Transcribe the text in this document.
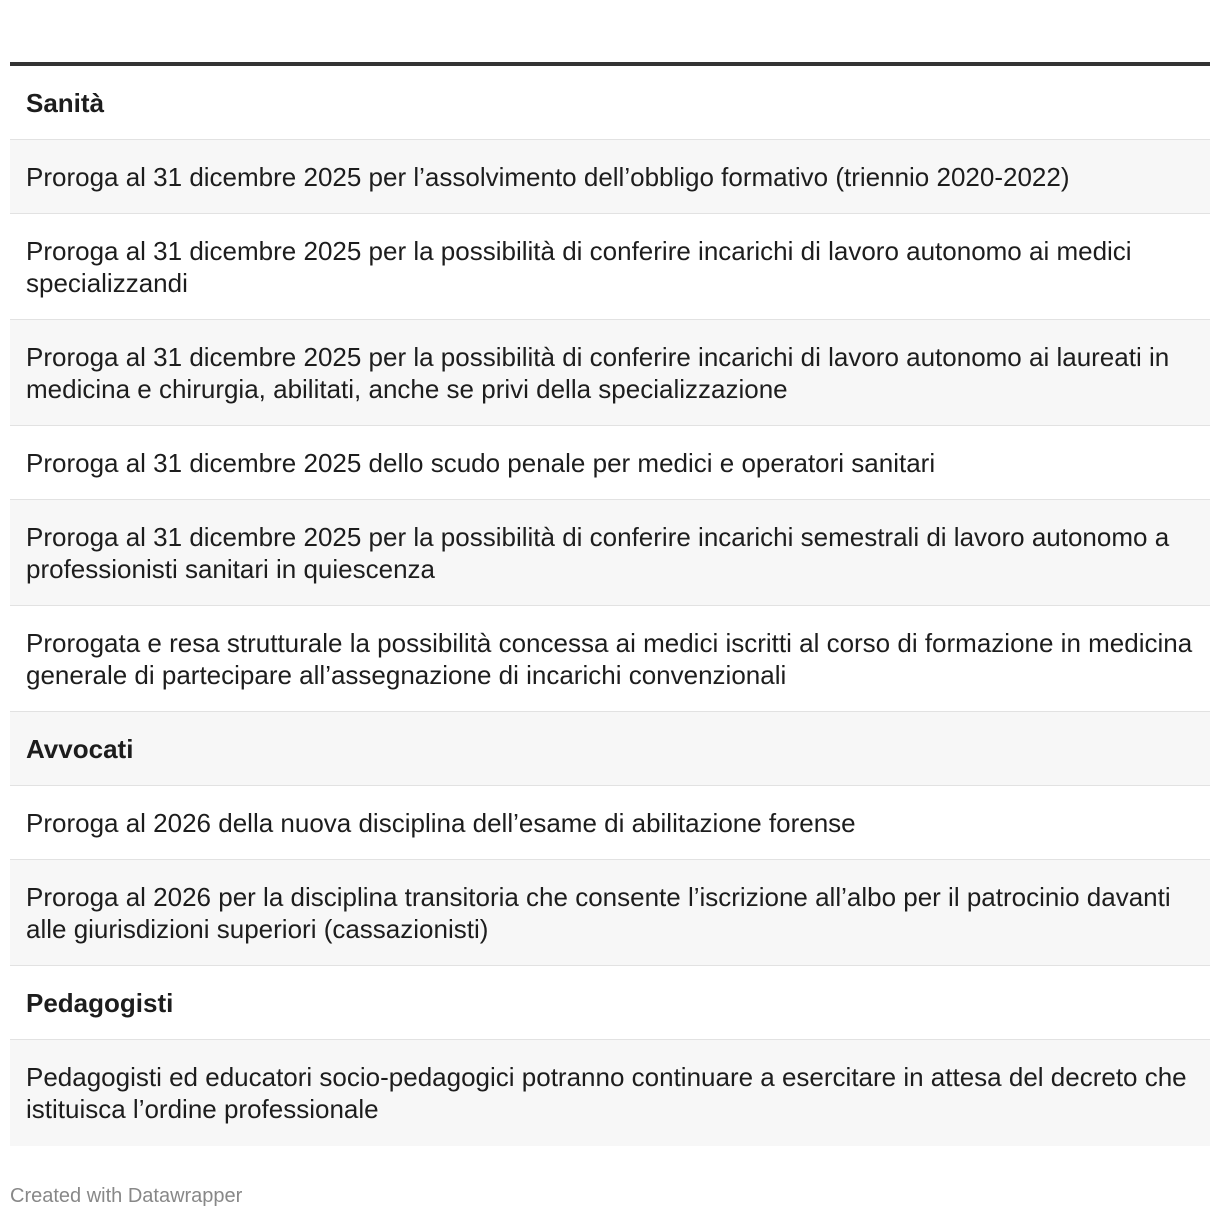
Sanità
Proroga al 31 dicembre 2025 per l’assolvimento dell’obbligo formativo (triennio 2020-2022)
Proroga al 31 dicembre 2025 per la possibilità di conferire incarichi di lavoro autonomo ai medici specializzandi
Proroga al 31 dicembre 2025 per la possibilità di conferire incarichi di lavoro autonomo ai laureati in medicina e chirurgia, abilitati, anche se privi della specializzazione
Proroga al 31 dicembre 2025 dello scudo penale per medici e operatori sanitari
Proroga al 31 dicembre 2025 per la possibilità di conferire incarichi semestrali di lavoro autonomo a professionisti sanitari in quiescenza
Prorogata e resa strutturale la possibilità concessa ai medici iscritti al corso di formazione in medicina generale di partecipare all’assegnazione di incarichi convenzionali
Avvocati
Proroga al 2026 della nuova disciplina dell’esame di abilitazione forense
Proroga al 2026 per la disciplina transitoria che consente l’iscrizione all’albo per il patrocinio davanti alle giurisdizioni superiori (cassazionisti)
Pedagogisti
Pedagogisti ed educatori socio-pedagogici potranno continuare a esercitare in attesa del decreto che istituisca l’ordine professionale
Created with Datawrapper
